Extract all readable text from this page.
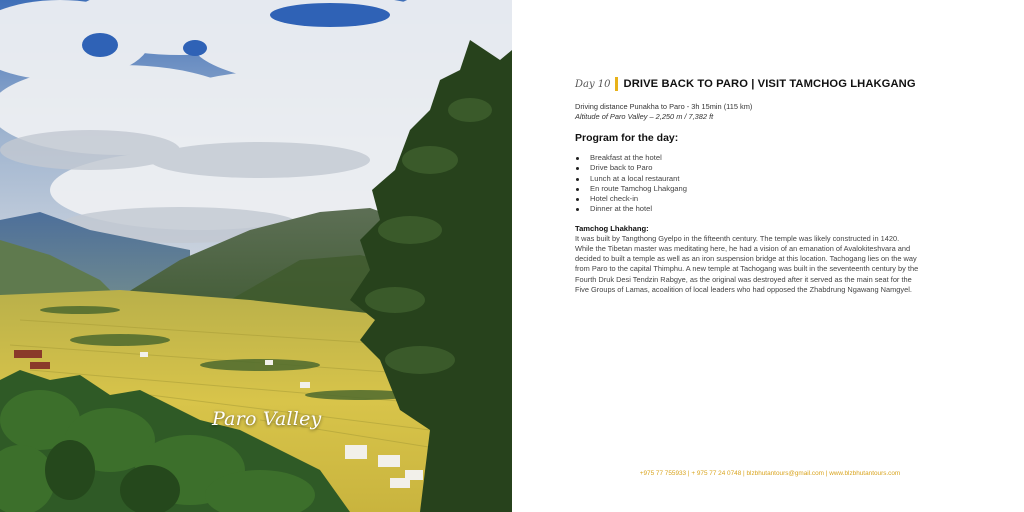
Paro Valley
Day 10 DRIVE BACK TO PARO | VISIT TAMCHOG LHAKGANG
Driving distance Punakha to Paro - 3h 15min (115 km)
Altitude of Paro Valley – 2,250 m / 7,382 ft
Program for the day:
Breakfast at the hotel
Drive back to Paro
Lunch at a local restaurant
En route Tamchog Lhakgang
Hotel check-in
Dinner at the hotel
Tamchog Lhakhang:
It was built by Tangthong Gyelpo in the fifteenth century. The temple was likely constructed in 1420.
While the Tibetan master was meditating here, he had a vision of an emanation of Avalokiteshvara and
decided to built a temple as well as an iron suspension bridge at this location. Tachogang lies on the way
from Paro to the capital Thimphu. A new temple at Tachogang was built in the seventeenth century by the
Fourth Druk Desi Tendzin Rabgye, as the original was destroyed after it served as the main seat for the
Five Groups of Lamas, acoalition of local leaders who had opposed the Zhabdrung Ngawang Namgyel.
+975 77 755933 | + 975 77 24 0748 | blzbhutantours@gmail.com | www.blzbhutantours.com
